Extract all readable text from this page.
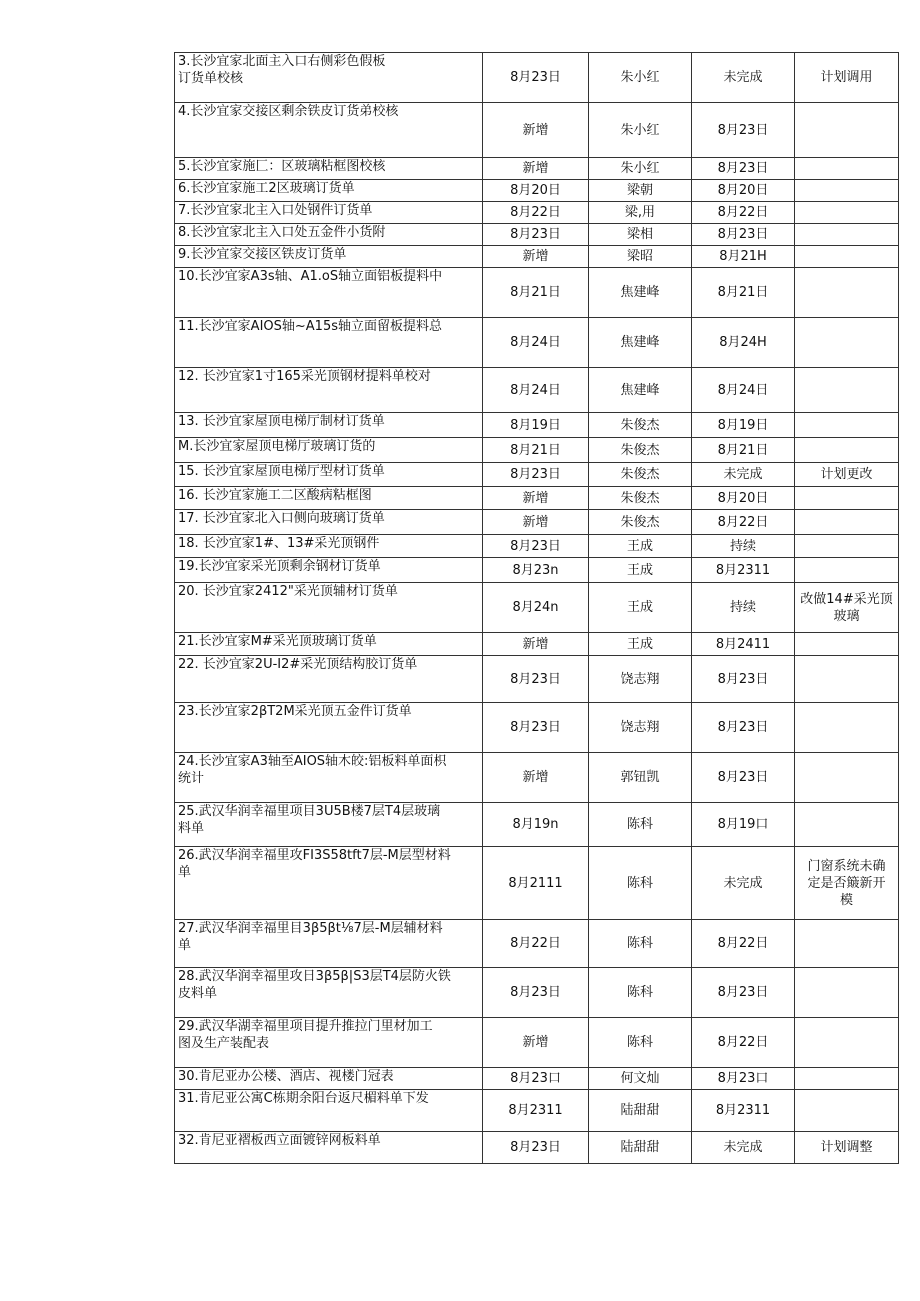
3.长沙宜家北面主入口右侧彩色假板
订货单校核	8月23日	朱小红	未完成	计划调用
4.长沙宜家交接区剩余铁皮订货弟校核	新增	朱小红	8月23日	
5.长沙宜家施匚：区玻璃粘框图校核	新增	朱小红	8月23日	
6.长沙宜家施工2区玻璃订货单	8月20日	梁朝	8月20日	
7.长沙宜家北主入口处钢件订货单	8月22日	梁,用	8月22日	
8.长沙宜家北主入口处五金件小货附	8月23日	梁相	8月23日	
9.长沙宜家交接区铁皮订货单	新增	梁昭	8月21H	
10.长沙宜家A3s轴、A1.oS轴立面铝板提料中	8月21日	焦建峰	8月21日	
11.长沙宜家AIOS轴~A15s轴立面留板提料总	8月24日	焦建峰	8月24H	
12. 长沙宜家1寸165采光顶钢材提料单校对	8月24日	焦建峰	8月24日	
13. 长沙宜家屋顶电梯厅制材订货单	8月19日	朱俊杰	8月19日	
M.长沙宜家屋顶电梯厅玻璃订货的	8月21日	朱俊杰	8月21日	
15. 长沙宜家屋顶电梯厅型材订货单	8月23日	朱俊杰	未完成	计划更改
16. 长沙宜家施工二区酸病粘框图	新增	朱俊杰	8月20日	
17. 长沙宜家北入口侧向玻璃订货单	新增	朱俊杰	8月22日	
18. 长沙宜家1#、13#采光顶钢件	8月23日	王成	持续	
19.长沙宜家采光顶剩余钢材订货单	8月23n	王成	8月2311	
20. 长沙宜家2412"采光顶辅材订货单	8月24n	王成	持续	改做14#采光顶
玻璃
21.长沙宜家M#采光顶玻璃订货单	新增	王成	8月2411	
22. 长沙宜家2U-I2#采光顶结构胶订货单	8月23日	饶志翔	8月23日	
23.长沙宜家2βT2M采光顶五金件订货单	8月23日	饶志翔	8月23日	
24.长沙宜家A3轴至AIOS轴木皎:铝板料单面枳
统计	新增	郭钮凯	8月23日	
25.武汉华润幸福里项目3U5B楼7层T4层玻璃
料单	8月19n	陈科	8月19口	
26.武汉华润幸福里攻FI3S58tft7层-M层型材料
单	8月2111	陈科	未完成	门窗系统未确
定是否簸新开
模
27.武汉华润幸福里目3β5βt⅛7层-M层辅材料
单	8月22日	陈科	8月22日	
28.武汉华润幸福里攻日3β5β|S3层T4层防火铁
皮料单	8月23日	陈科	8月23日	
29.武汉华湖幸福里项目提升推拉门里材加工
图及生产装配表	新增	陈科	8月22日	
30.肯尼亚办公楼、酒店、视楼门冠表	8月23口	何文灿	8月23口	
31.肯尼亚公寓C栋期余阳台返尺楣料单下发	8月2311	陆甜甜	8月2311	
32.肯尼亚褶板西立面镀锌网板料单	8月23日	陆甜甜	未完成	计划调整
